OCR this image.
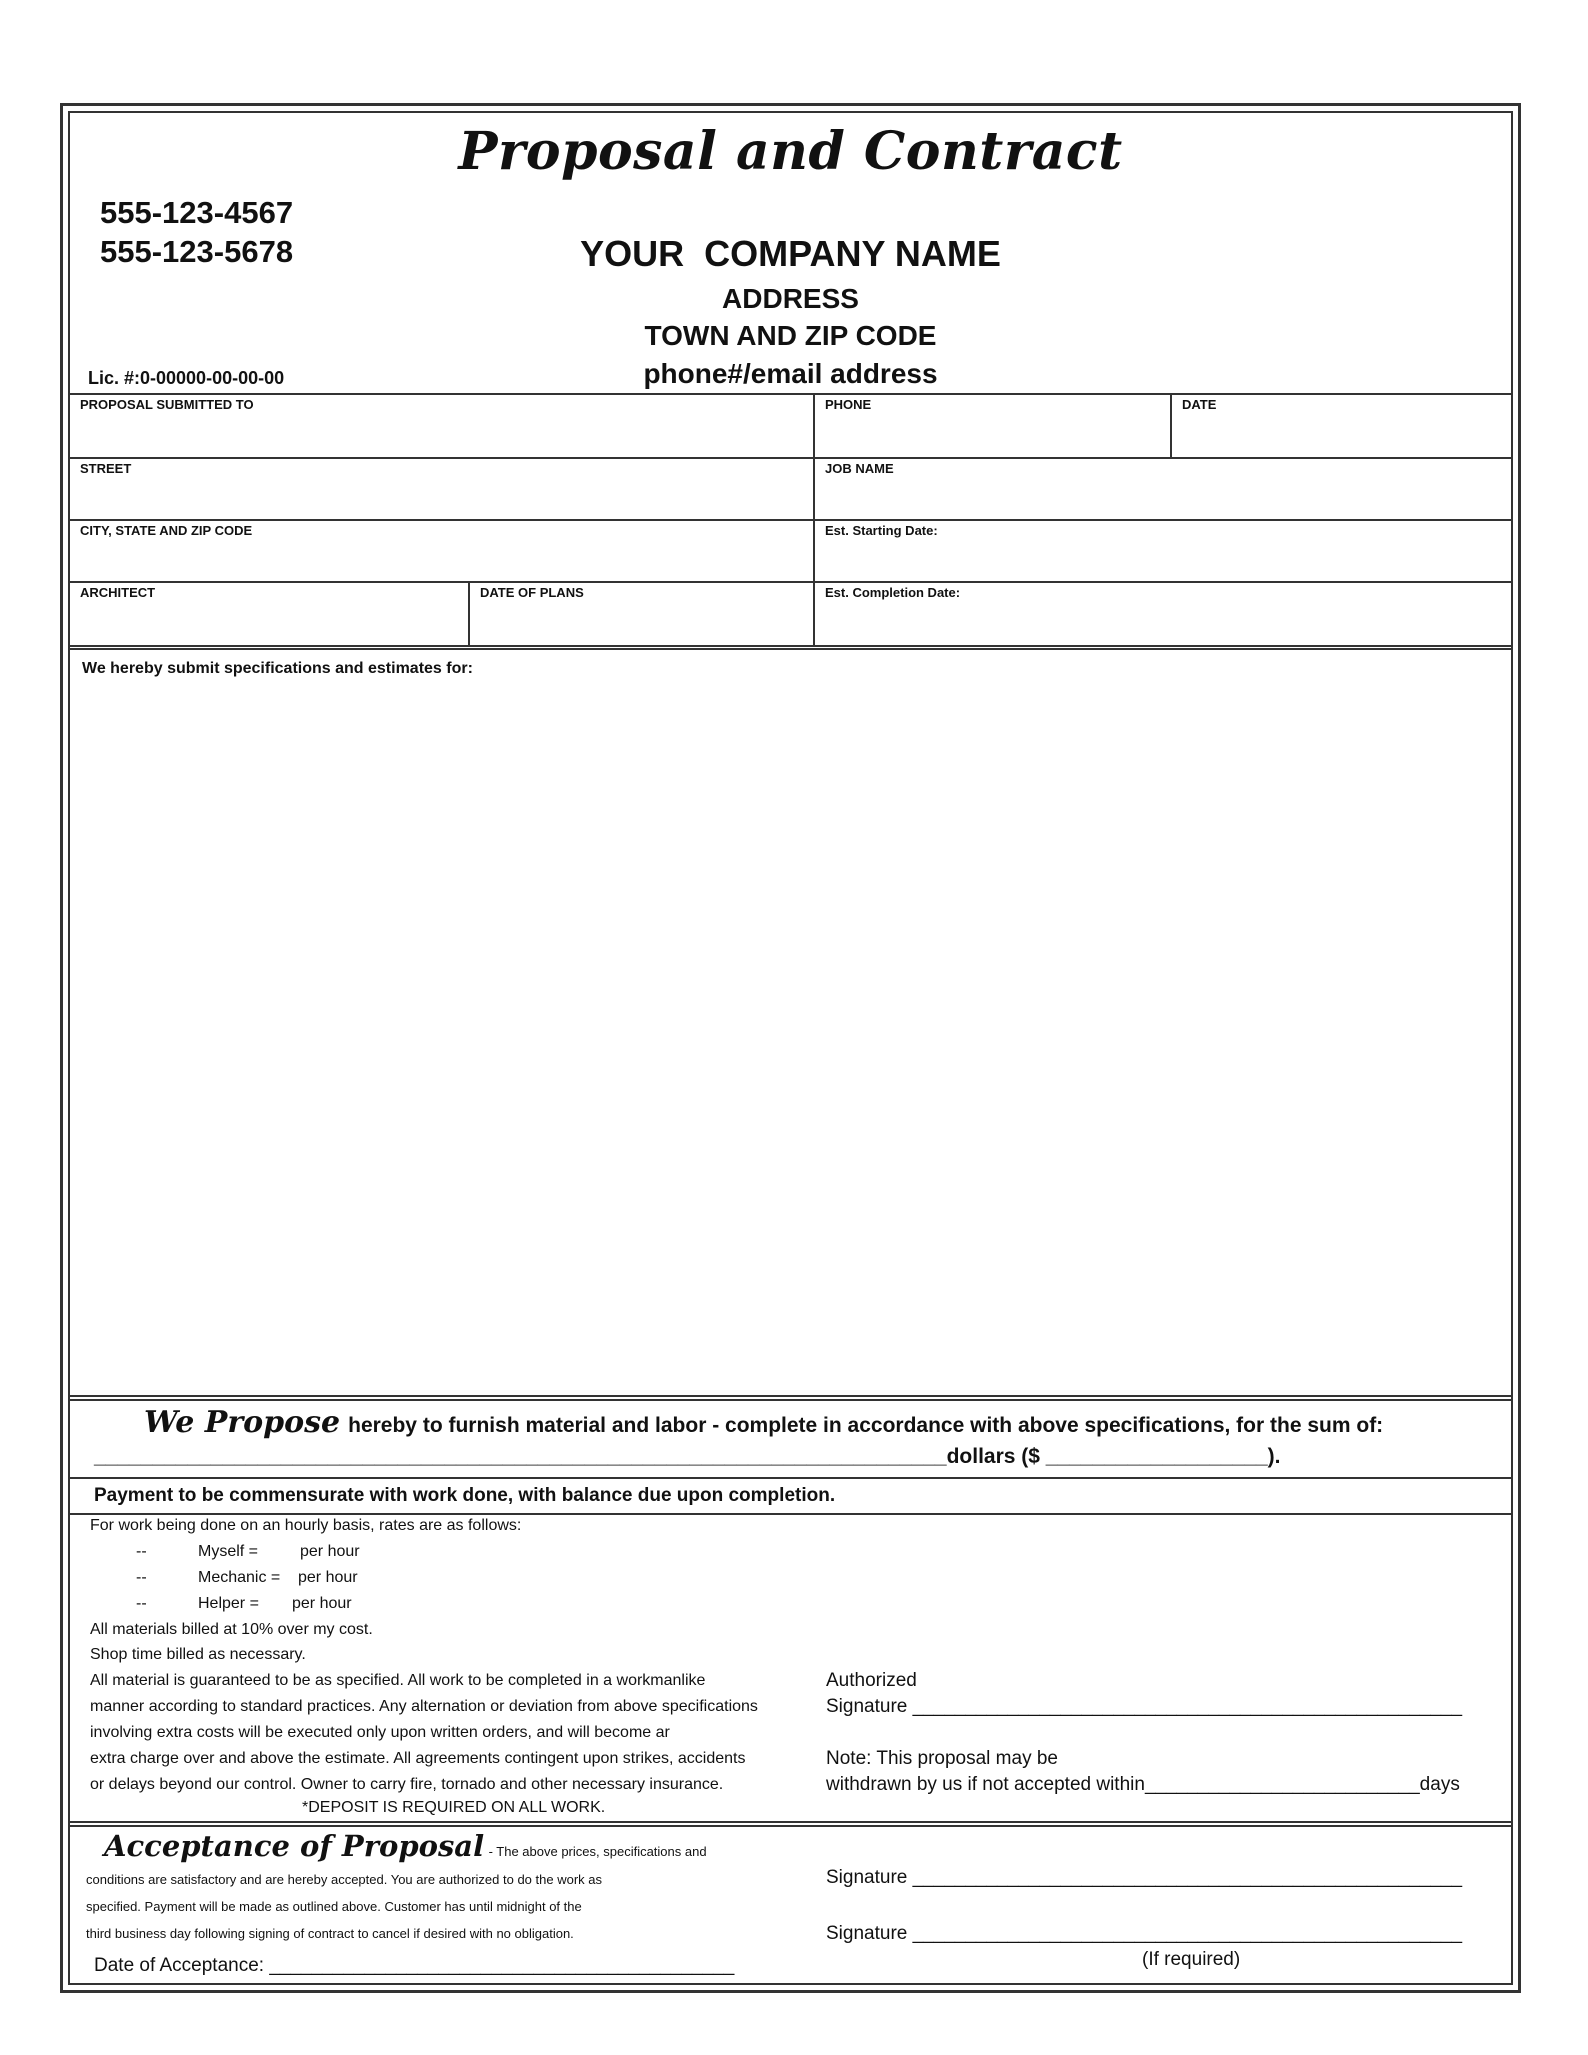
Proposal and Contract
555-123-4567
555-123-5678	YOUR  COMPANY NAME
ADDRESS
TOWN AND ZIP CODE
phone#/email address
Lic. #:0-00000-00-00-00
PROPOSAL SUBMITTED TO	PHONE	DATE
STREET	JOB NAME
CITY, STATE AND ZIP CODE	Est. Starting Date:
ARCHITECT	DATE OF PLANS	Est. Completion Date:
We hereby submit specifications and estimates for:
We Propose hereby to furnish material and labor - complete in accordance with above specifications, for the sum of:
_________________________________________________________________________dollars ($ ___________________).
Payment to be commensurate with work done, with balance due upon completion.
For work being done on an hourly basis, rates are as follows:
--	Myself =	per hour
--	Mechanic = per hour
--	Helper = per hour
All materials billed at 10% over my cost.
Shop time billed as necessary.
All material is guaranteed to be as specified. All work to be completed in a workmanlike
manner according to standard practices. Any alternation or deviation from above specifications
involving extra costs will be executed only upon written orders, and will become ar
extra charge over and above the estimate. All agreements contingent upon strikes, accidents
or delays beyond our control. Owner to carry fire, tornado and other necessary insurance.
*DEPOSIT IS REQUIRED ON ALL WORK.
Authorized
Signature ____________________________________________________
Note: This proposal may be
withdrawn by us if not accepted within__________________________days
Acceptance of Proposal - The above prices, specifications and
conditions are satisfactory and are hereby accepted. You are authorized to do the work as
specified. Payment will be made as outlined above. Customer has until midnight of the
third business day following signing of contract to cancel if desired with no obligation.
Date of Acceptance: ____________________________________________
Signature ____________________________________________________
Signature ____________________________________________________
(If required)
